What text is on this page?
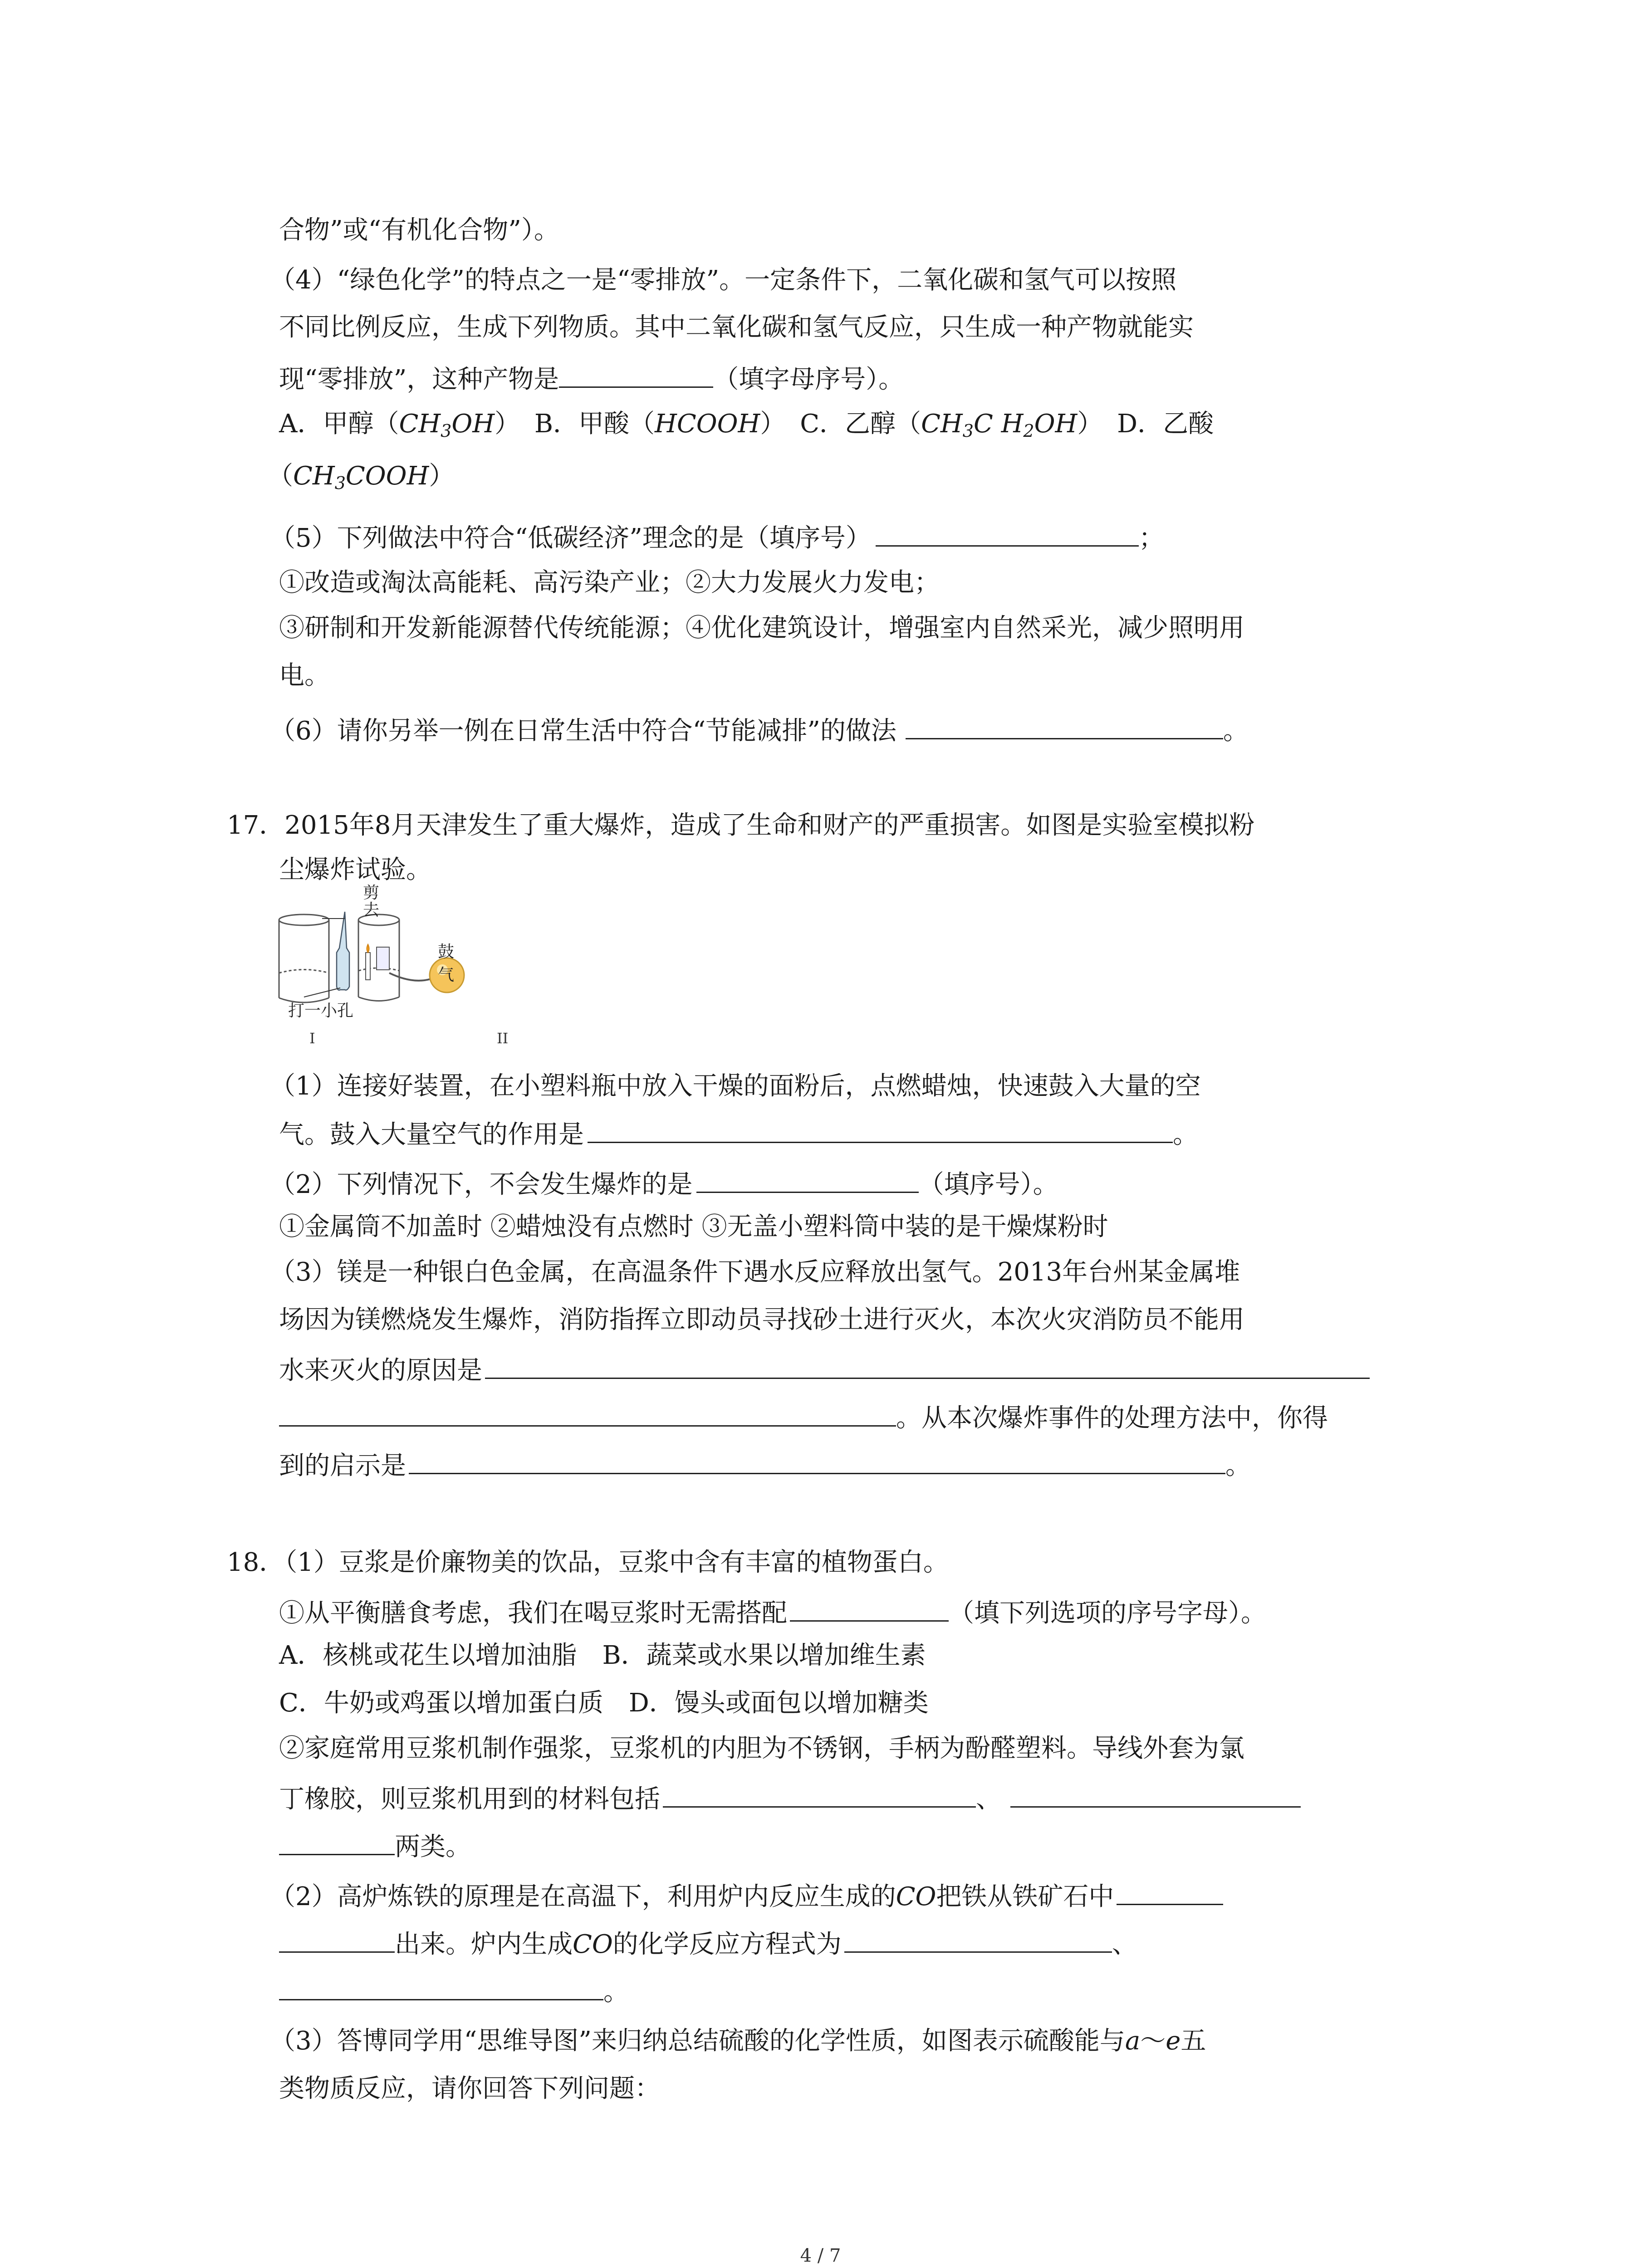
合物”或“有机化合物”）。
（4）“绿色化学”的特点之一是“零排放”。一定条件下，二氧化碳和氢气可以按照
不同比例反应，生成下列物质。其中二氧化碳和氢气反应，只生成一种产物就能实
现“零排放”，这种产物是	（填字母序号）。
A．甲醇$(CH_3OH)$ B．甲酸（HCOOH） C．乙醇（$CH_3C$ $H_2OH$） D．乙酸
$(CH_3COOH)$
（5）下列做法中符合“低碳经济”理念的是（填序号）	；
①改造或淘汰高能耗、高污染产业；②大力发展火力发电；
③研制和开发新能源替代传统能源；④优化建筑设计，增强室内自然采光，减少照明用
电。
（6）请你另举一例在日常生活中符合“节能减排”的做法	。
17．2015年8月天津发生了重大爆炸，造成了生命和财产的严重损害。如图是实验室模拟粉
尘爆炸试验。
剪去
打一小孔
鼓气
I	II
（1）连接好装置，在小塑料瓶中放入干燥的面粉后，点燃蜡烛，快速鼓入大量的空
气。鼓入大量空气的作用是	。
（2）下列情况下，不会发生爆炸的是	（填序号）。
①金属筒不加盖时 ②蜡烛没有点燃时 ③无盖小塑料筒中装的是干燥煤粉时
（3）镁是一种银白色金属，在高温条件下遇水反应释放出氢气。2013年台州某金属堆
场因为镁燃烧发生爆炸，消防指挥立即动员寻找砂土进行灭火，本次火灾消防员不能用
水来灭火的原因是
。从本次爆炸事件的处理方法中，你得
到的启示是	。
18．（1）豆浆是价廉物美的饮品，豆浆中含有丰富的植物蛋白。
①从平衡膳食考虑，我们在喝豆浆时无需搭配	（填下列选项的序号字母）。
A．核桃或花生以增加油脂　B．蔬菜或水果以增加维生素
C．牛奶或鸡蛋以增加蛋白质　D．馒头或面包以增加糖类
②家庭常用豆浆机制作强浆，豆浆机的内胆为不锈钢，手柄为酚醛塑料。导线外套为氯
丁橡胶，则豆浆机用到的材料包括	、
两类。
（2）高炉炼铁的原理是在高温下，利用炉内反应生成的CO把铁从铁矿石中
出来。炉内生成CO的化学反应方程式为	、
。
（3）答博同学用“思维导图”来归纳总结硫酸的化学性质，如图表示硫酸能与a～e五
类物质反应，请你回答下列问题：
4 / 7
